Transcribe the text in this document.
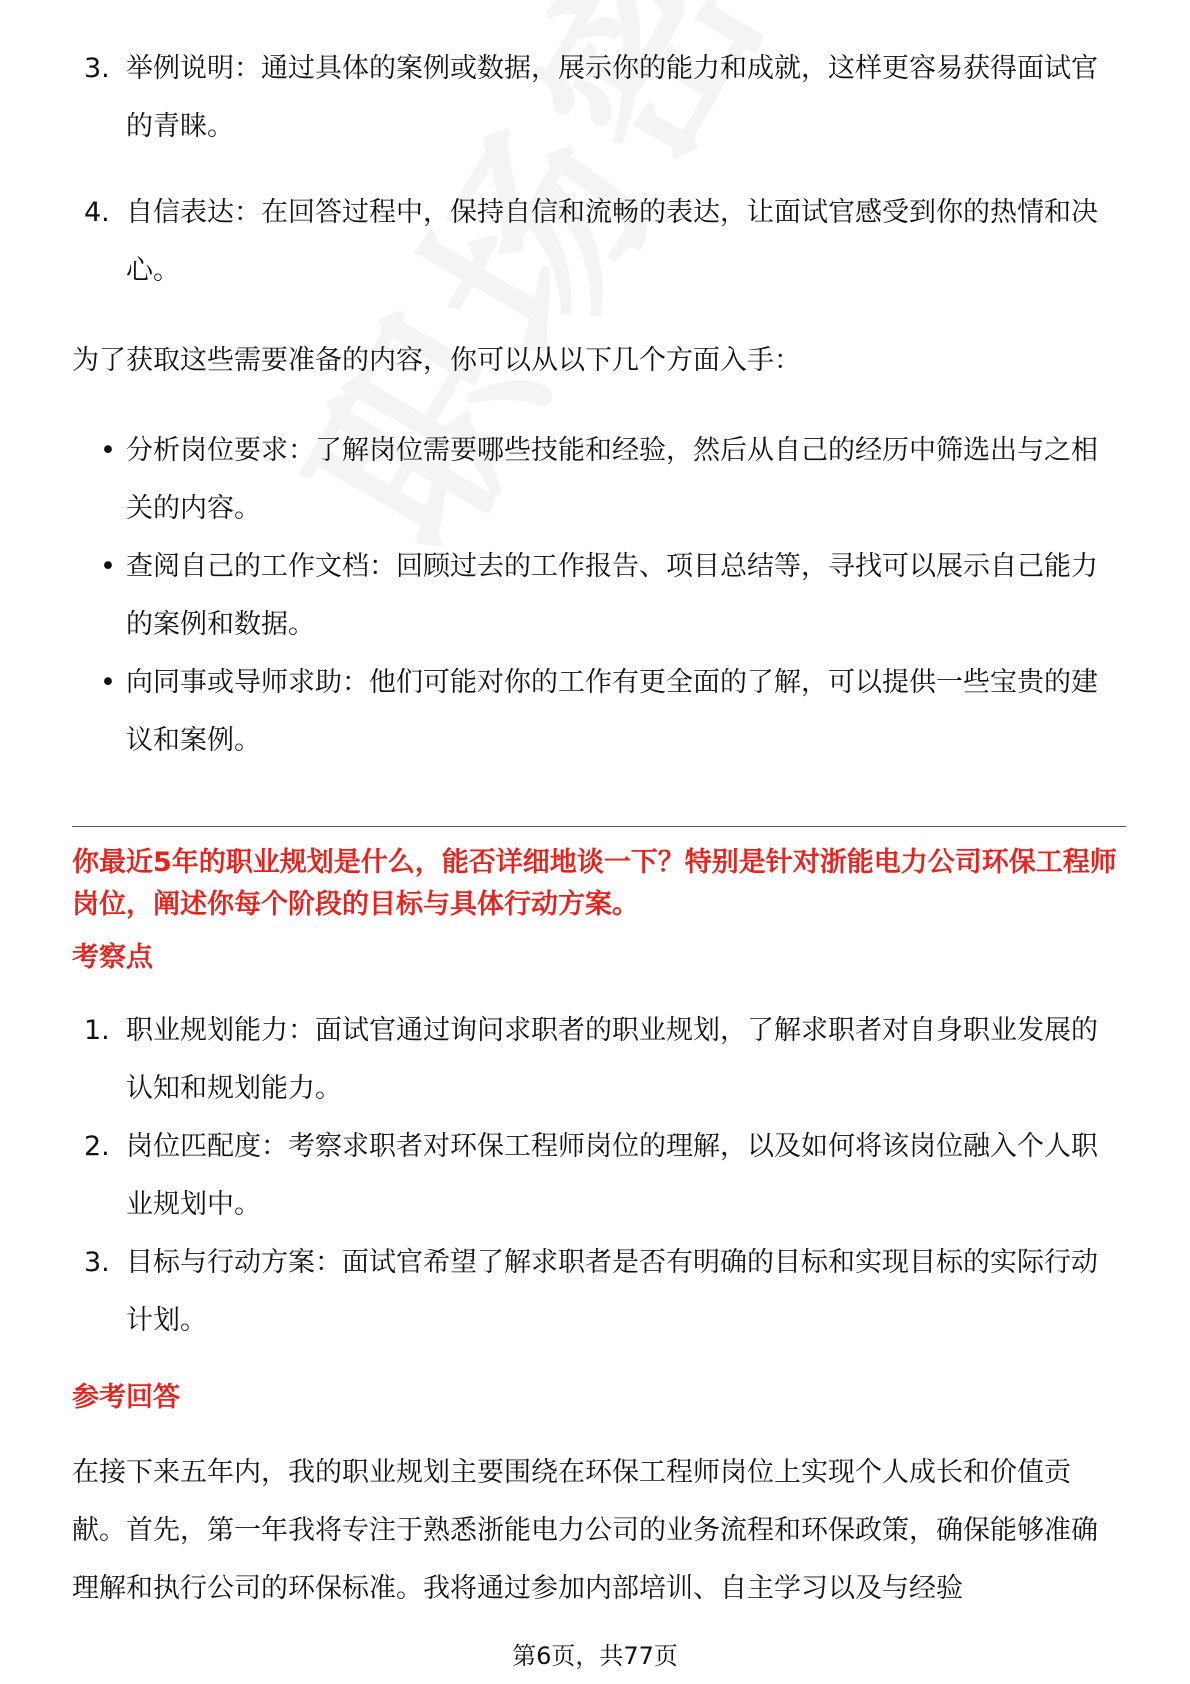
3. 举例说明：通过具体的案例或数据，展示你的能力和成就，这样更容易获得面试官的青睐。
4. 自信表达：在回答过程中，保持自信和流畅的表达，让面试官感受到你的热情和决心。

为了获取这些需要准备的内容，你可以从以下几个方面入手：

• 分析岗位要求：了解岗位需要哪些技能和经验，然后从自己的经历中筛选出与之相关的内容。
• 查阅自己的工作文档：回顾过去的工作报告、项目总结等，寻找可以展示自己能力的案例和数据。
• 向同事或导师求助：他们可能对你的工作有更全面的了解，可以提供一些宝贵的建议和案例。
你最近5年的职业规划是什么，能否详细地谈一下？特别是针对浙能电力公司环保工程师岗位，阐述你每个阶段的目标与具体行动方案。
考察点
1. 职业规划能力：面试官通过询问求职者的职业规划，了解求职者对自身职业发展的认知和规划能力。
2. 岗位匹配度：考察求职者对环保工程师岗位的理解，以及如何将该岗位融入个人职业规划中。
3. 目标与行动方案：面试官希望了解求职者是否有明确的目标和实现目标的实际行动计划。
参考回答

在接下来五年内，我的职业规划主要围绕在环保工程师岗位上实现个人成长和价值贡献。首先，第一年我将专注于熟悉浙能电力公司的业务流程和环保政策，确保能够准确理解和执行公司的环保标准。我将通过参加内部培训、自主学习以及与经验

第6页，共77页
